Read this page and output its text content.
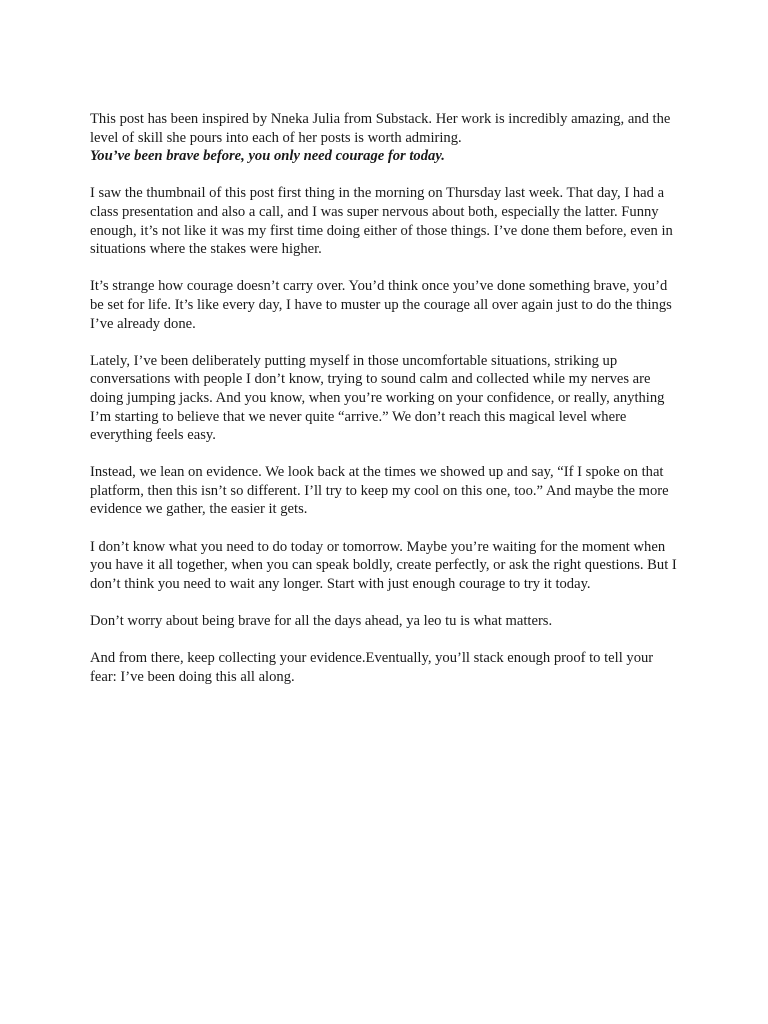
This post has been inspired by Nneka Julia from Substack. Her work is incredibly amazing, and the level of skill she pours into each of her posts is worth admiring.

You’ve been brave before, you only need courage for today.

I saw the thumbnail of this post first thing in the morning on Thursday last week. That day, I had a class presentation and also a call, and I was super nervous about both, especially the latter. Funny enough, it’s not like it was my first time doing either of those things. I’ve done them before, even in situations where the stakes were higher.

It’s strange how courage doesn’t carry over. You’d think once you’ve done something brave, you’d be set for life. It’s like every day, I have to muster up the courage all over again just to do the things I’ve already done.

Lately, I’ve been deliberately putting myself in those uncomfortable situations, striking up conversations with people I don’t know, trying to sound calm and collected while my nerves are doing jumping jacks. And you know, when you’re working on your confidence, or really, anything I’m starting to believe that we never quite “arrive.” We don’t reach this magical level where everything feels easy.

Instead, we lean on evidence. We look back at the times we showed up and say, “If I spoke on that platform, then this isn’t so different. I’ll try to keep my cool on this one, too.” And maybe the more evidence we gather, the easier it gets.

I don’t know what you need to do today or tomorrow. Maybe you’re waiting for the moment when you have it all together, when you can speak boldly, create perfectly, or ask the right questions. But I don’t think you need to wait any longer. Start with just enough courage to try it today.

Don’t worry about being brave for all the days ahead, ya leo tu is what matters.

And from there, keep collecting your evidence.Eventually, you’ll stack enough proof to tell your fear: I’ve been doing this all along.
